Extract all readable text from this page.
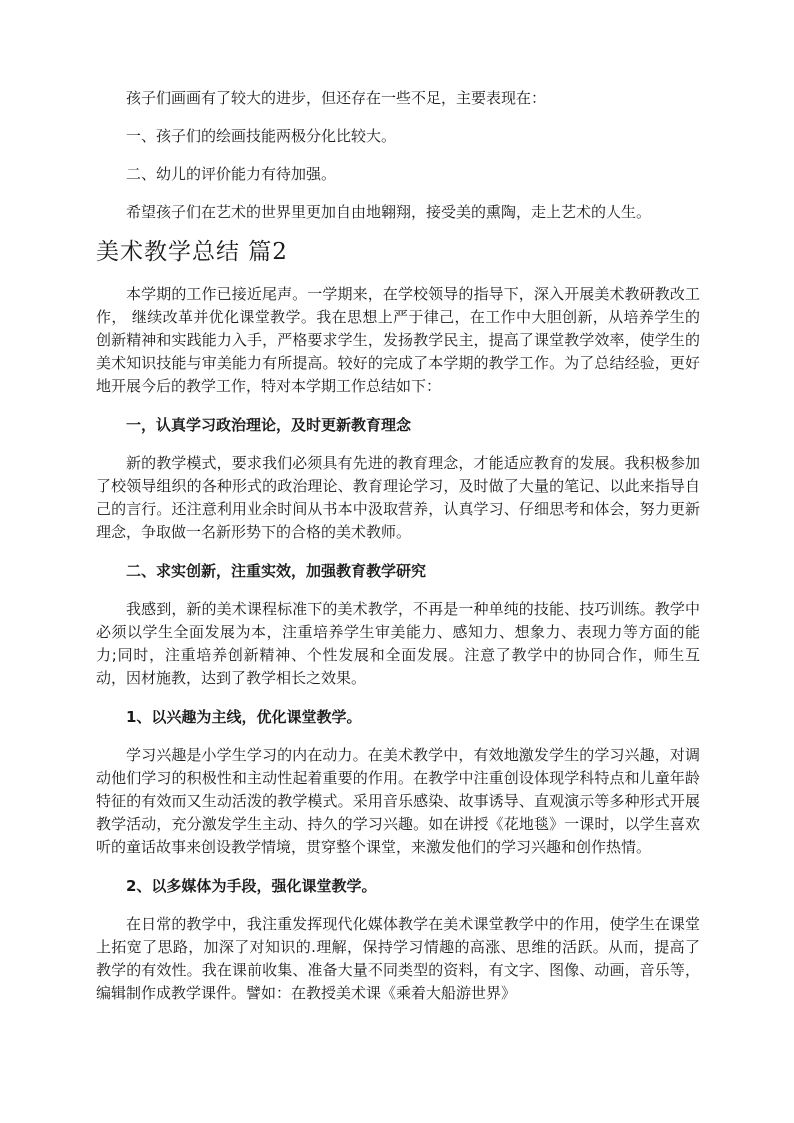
孩子们画画有了较大的进步，但还存在一些不足，主要表现在：

一、孩子们的绘画技能两极分化比较大。

二、幼儿的评价能力有待加强。

希望孩子们在艺术的世界里更加自由地翱翔，接受美的熏陶，走上艺术的人生。

美术教学总结 篇2

本学期的工作已接近尾声。一学期来，在学校领导的指导下，深入开展美术教研教改工作， 继续改革并优化课堂教学。我在思想上严于律己，在工作中大胆创新，从培养学生的创新精神和实践能力入手，严格要求学生，发扬教学民主，提高了课堂教学效率，使学生的美术知识技能与审美能力有所提高。较好的完成了本学期的教学工作。为了总结经验，更好地开展今后的教学工作，特对本学期工作总结如下：

一，认真学习政治理论，及时更新教育理念

新的教学模式，要求我们必须具有先进的教育理念，才能适应教育的发展。我积极参加了校领导组织的各种形式的政治理论、教育理论学习，及时做了大量的笔记、以此来指导自己的言行。还注意利用业余时间从书本中汲取营养，认真学习、仔细思考和体会，努力更新理念，争取做一名新形势下的合格的美术教师。

二、求实创新，注重实效，加强教育教学研究

我感到，新的美术课程标准下的美术教学，不再是一种单纯的技能、技巧训练。教学中必须以学生全面发展为本，注重培养学生审美能力、感知力、想象力、表现力等方面的能力;同时，注重培养创新精神、个性发展和全面发展。注意了教学中的协同合作，师生互动，因材施教，达到了教学相长之效果。

1、以兴趣为主线，优化课堂教学。

学习兴趣是小学生学习的内在动力。在美术教学中，有效地激发学生的学习兴趣，对调动他们学习的积极性和主动性起着重要的作用。在教学中注重创设体现学科特点和儿童年龄特征的有效而又生动活泼的教学模式。采用音乐感染、故事诱导、直观演示等多种形式开展教学活动，充分激发学生主动、持久的学习兴趣。如在讲授《花地毯》一课时，以学生喜欢听的童话故事来创设教学情境，贯穿整个课堂，来激发他们的学习兴趣和创作热情。

2、以多媒体为手段，强化课堂教学。

在日常的教学中，我注重发挥现代化媒体教学在美术课堂教学中的作用，使学生在课堂上拓宽了思路，加深了对知识的.理解，保持学习情趣的高涨、思维的活跃。从而，提高了教学的有效性。我在课前收集、准备大量不同类型的资料，有文字、图像、动画，音乐等，编辑制作成教学课件。譬如：在教授美术课《乘着大船游世界》
